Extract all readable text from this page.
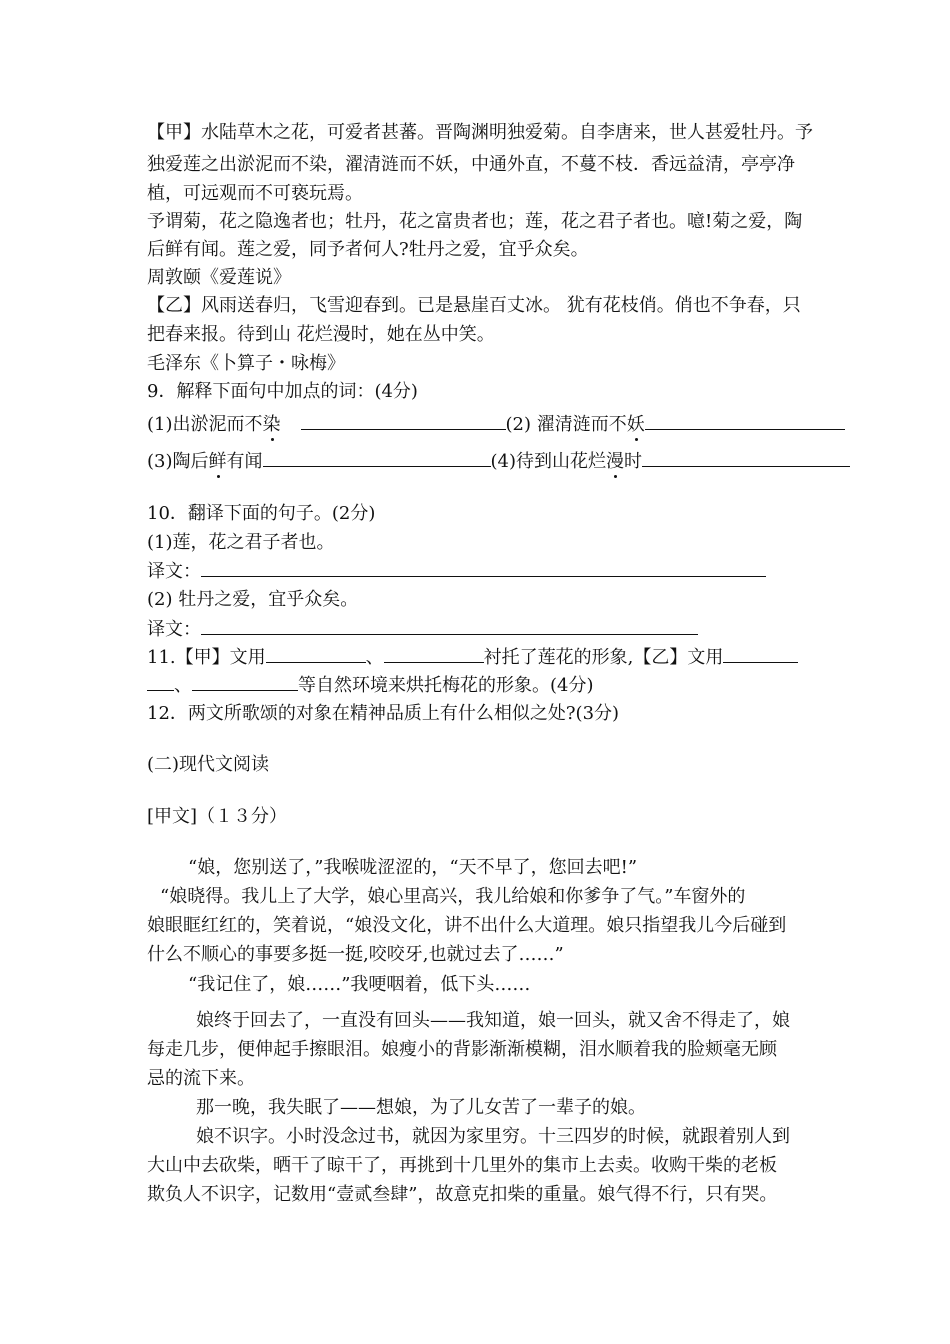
【甲】水陆草木之花，可爱者甚蕃。晋陶渊明独爱菊。自李唐来，世人甚爱牡丹。予
独爱莲之出淤泥而不染，濯清涟而不妖，中通外直，不蔓不枝．香远益清，亭亭净
植，可远观而不可亵玩焉。
予谓菊，花之隐逸者也；牡丹，花之富贵者也；莲，花之君子者也。噫!菊之爱，陶
后鲜有闻。莲之爱，同予者何人?牡丹之爱，宜乎众矣。
周敦颐《爱莲说》
【乙】风雨送春归，飞雪迎春到。已是悬崖百丈冰。 犹有花枝俏。俏也不争春，只
把春来报。待到山 花烂漫时，她在丛中笑。
毛泽东《卜算子・咏梅》
9．解释下面句中加点的词：(4分)
(1)出淤泥而不染	(2) 濯清涟而不妖
(3)陶后鲜有闻	(4)待到山花烂漫时
10．翻译下面的句子。(2分)
(1)莲，花之君子者也。
译文：
(2) 牡丹之爱，宜乎众矣。
译文：
11.【甲】文用	、	衬托了莲花的形象,【乙】文用
、	等自然环境来烘托梅花的形象。(4分)
12．两文所歌颂的对象在精神品质上有什么相似之处?(3分)
(二)现代文阅读
[甲文]（１３分）
“娘，您别送了，”我喉咙涩涩的，“天不早了，您回去吧!”
“娘晓得。我儿上了大学，娘心里高兴，我儿给娘和你爹争了气。”车窗外的
娘眼眶红红的，笑着说，“娘没文化，讲不出什么大道理。娘只指望我儿今后碰到
什么不顺心的事要多挺一挺,咬咬牙,也就过去了……”
“我记住了，娘……”我哽咽着，低下头……
娘终于回去了，一直没有回头——我知道，娘一回头，就又舍不得走了，娘
每走几步，便伸起手擦眼泪。娘瘦小的背影渐渐模糊，泪水顺着我的脸颊毫无顾
忌的流下来。
那一晚，我失眠了——想娘，为了儿女苦了一辈子的娘。
娘不识字。小时没念过书，就因为家里穷。十三四岁的时候，就跟着别人到
大山中去砍柴，晒干了晾干了，再挑到十几里外的集市上去卖。收购干柴的老板
欺负人不识字，记数用“壹贰叁肆”，故意克扣柴的重量。娘气得不行，只有哭。
